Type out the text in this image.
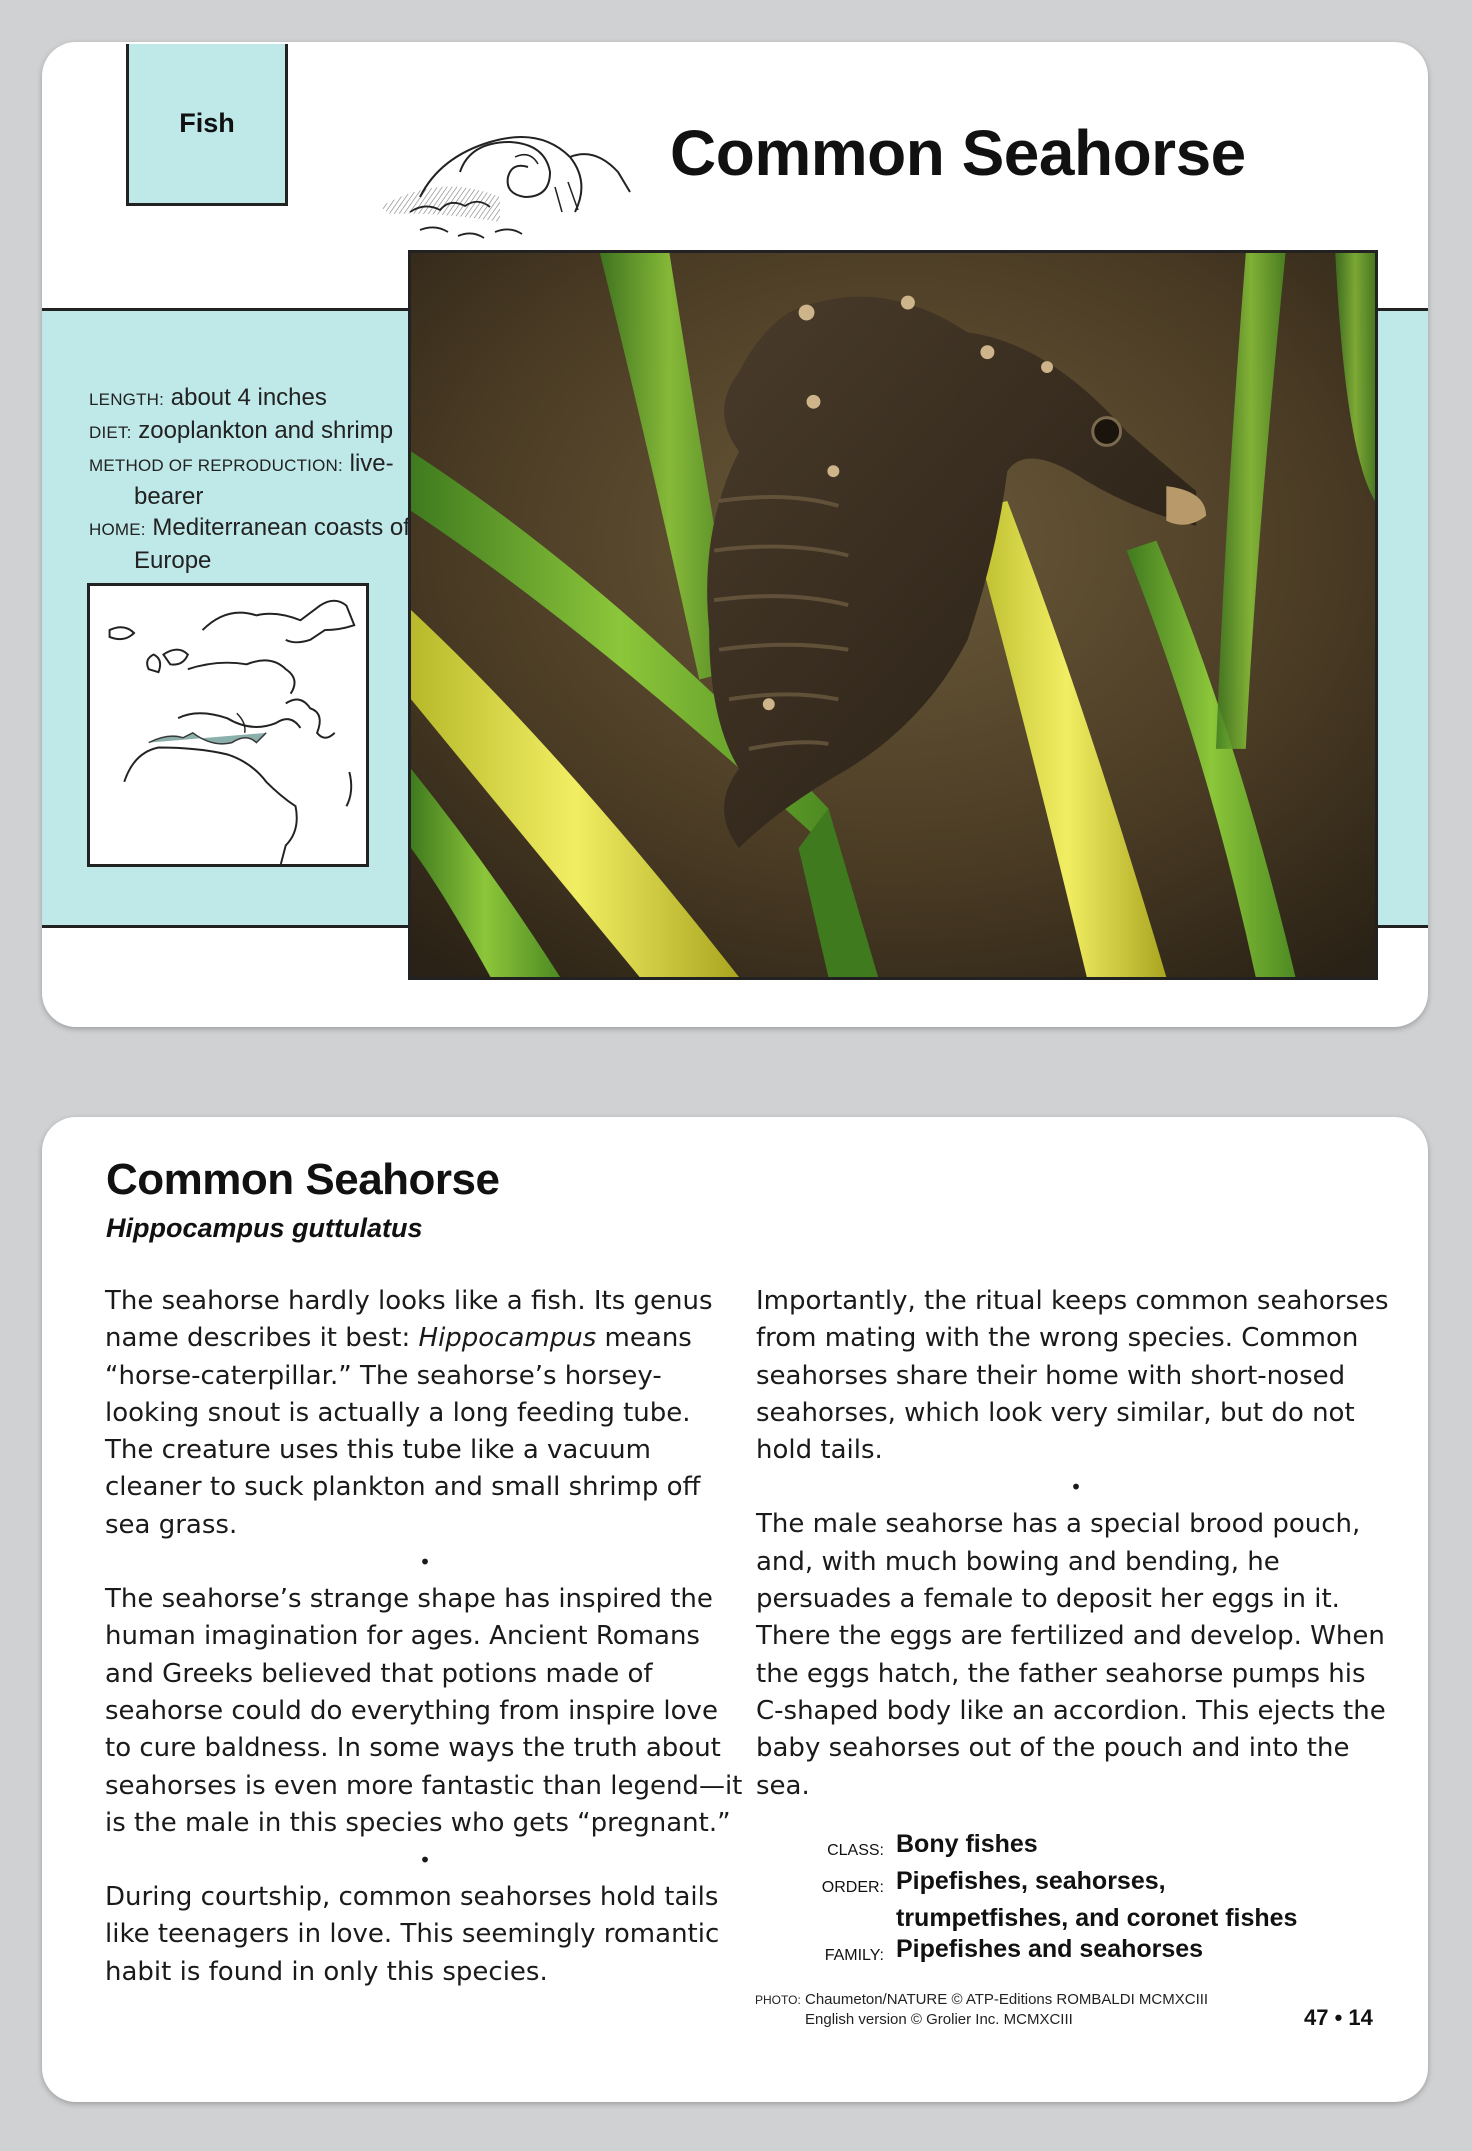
Fish	Common Seahorse

LENGTH: about 4 inches

DIET: zooplankton and shrimp

METHOD OF REPRODUCTION: live-

bearer

HOME: Mediterranean coasts of

Europe

Common Seahorse
Hippocampus guttulatus

The seahorse hardly looks like a fish. Its genus name describes it best: Hippocampus means “horse-caterpillar.” The seahorse’s horsey-looking snout is actually a long feeding tube. The creature uses this tube like a vacuum cleaner to suck plankton and small shrimp off sea grass.

•

The seahorse’s strange shape has inspired the human imagination for ages. Ancient Romans and Greeks believed that potions made of seahorse could do everything from inspire love to cure baldness. In some ways the truth about seahorses is even more fantastic than legend—it is the male in this species who gets “pregnant.”

•

During courtship, common seahorses hold tails like teenagers in love. This seemingly romantic habit is found in only this species.

Importantly, the ritual keeps common seahorses from mating with the wrong species. Common seahorses share their home with short-nosed seahorses, which look very similar, but do not hold tails.

•

The male seahorse has a special brood pouch, and, with much bowing and bending, he persuades a female to deposit her eggs in it. There the eggs are fertilized and develop. When the eggs hatch, the father seahorse pumps his C-shaped body like an accordion. This ejects the baby seahorses out of the pouch and into the sea.

CLASS: Bony fishes
ORDER: Pipefishes, seahorses,
trumpetfishes, and coronet fishes
FAMILY: Pipefishes and seahorses
PHOTO: Chaumeton/NATURE © ATP-Editions ROMBALDI MCMXCIII
English version © Grolier Inc. MCMXCIII	47 • 14
